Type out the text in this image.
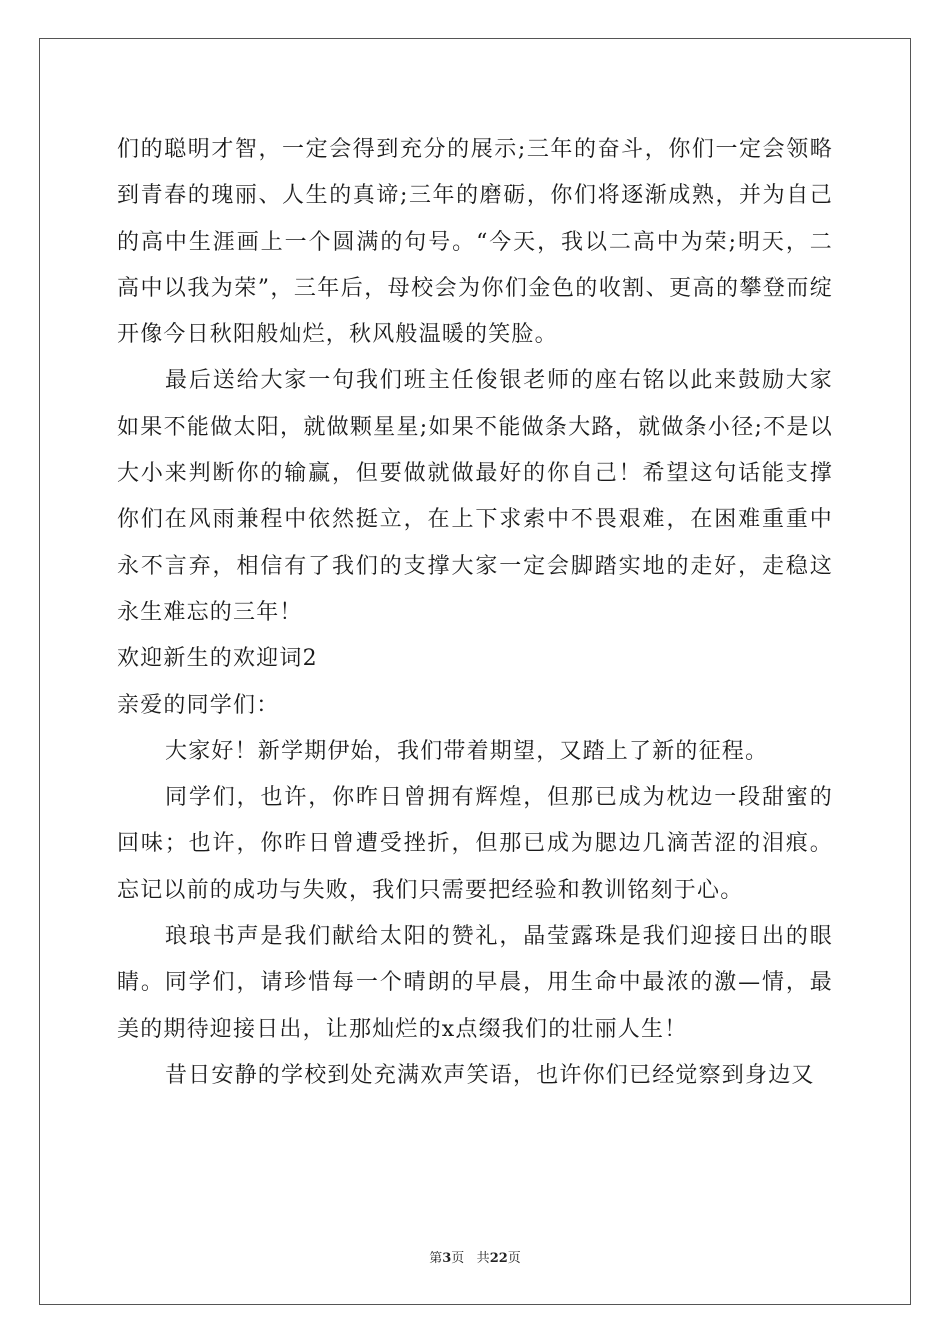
们的聪明才智，一定会得到充分的展示;三年的奋斗，你们一定会领略到青春的瑰丽、人生的真谛;三年的磨砺，你们将逐渐成熟，并为自己的高中生涯画上一个圆满的句号。“今天，我以二高中为荣;明天，二高中以我为荣”，三年后，母校会为你们金色的收割、更高的攀登而绽开像今日秋阳般灿烂，秋风般温暖的笑脸。

最后送给大家一句我们班主任俊银老师的座右铭以此来鼓励大家如果不能做太阳，就做颗星星;如果不能做条大路，就做条小径;不是以大小来判断你的输赢，但要做就做最好的你自己！希望这句话能支撑你们在风雨兼程中依然挺立，在上下求索中不畏艰难，在困难重重中永不言弃，相信有了我们的支撑大家一定会脚踏实地的走好，走稳这永生难忘的三年！

欢迎新生的欢迎词2

亲爱的同学们：

大家好！新学期伊始，我们带着期望，又踏上了新的征程。

同学们，也许，你昨日曾拥有辉煌，但那已成为枕边一段甜蜜的回味；也许，你昨日曾遭受挫折，但那已成为腮边几滴苦涩的泪痕。忘记以前的成功与失败，我们只需要把经验和教训铭刻于心。

琅琅书声是我们献给太阳的赞礼，晶莹露珠是我们迎接日出的眼睛。同学们，请珍惜每一个晴朗的早晨，用生命中最浓的激—情，最美的期待迎接日出，让那灿烂的x点缀我们的壮丽人生！

昔日安静的学校到处充满欢声笑语，也许你们已经觉察到身边又

第3页 共22页
